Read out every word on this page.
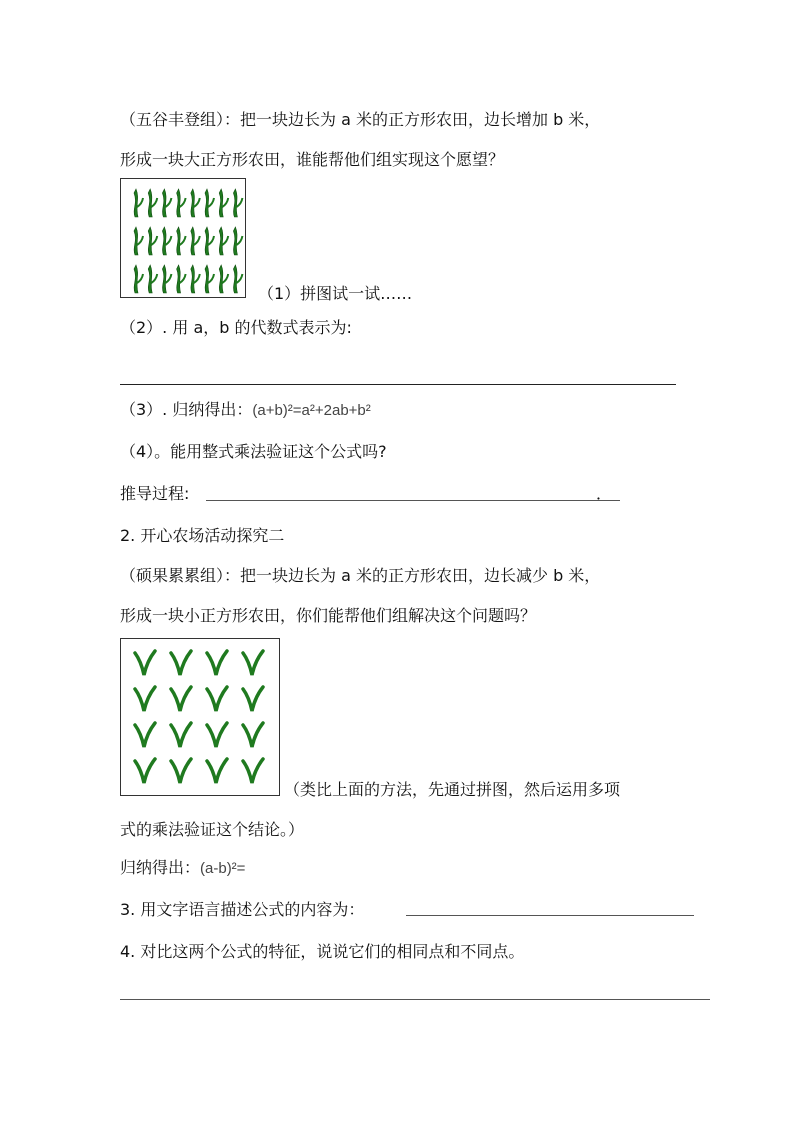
（五谷丰登组）：把一块边长为 a 米的正方形农田，边长增加 b 米，
形成一块大正方形农田，谁能帮他们组实现这个愿望？
（1）拼图试一试……
（2）. 用 a，b 的代数式表示为:
（3）. 归纳得出：(a+b)²=a²+2ab+b²
（4）。能用整式乘法验证这个公式吗?
推导过程:	．
2. 开心农场活动探究二
（硕果累累组）：把一块边长为 a 米的正方形农田，边长减少 b 米，
形成一块小正方形农田，你们能帮他们组解决这个问题吗？
（类比上面的方法，先通过拼图，然后运用多项
式的乘法验证这个结论。）
归纳得出：(a-b)²=
3. 用文字语言描述公式的内容为：
4. 对比这两个公式的特征，说说它们的相同点和不同点。
